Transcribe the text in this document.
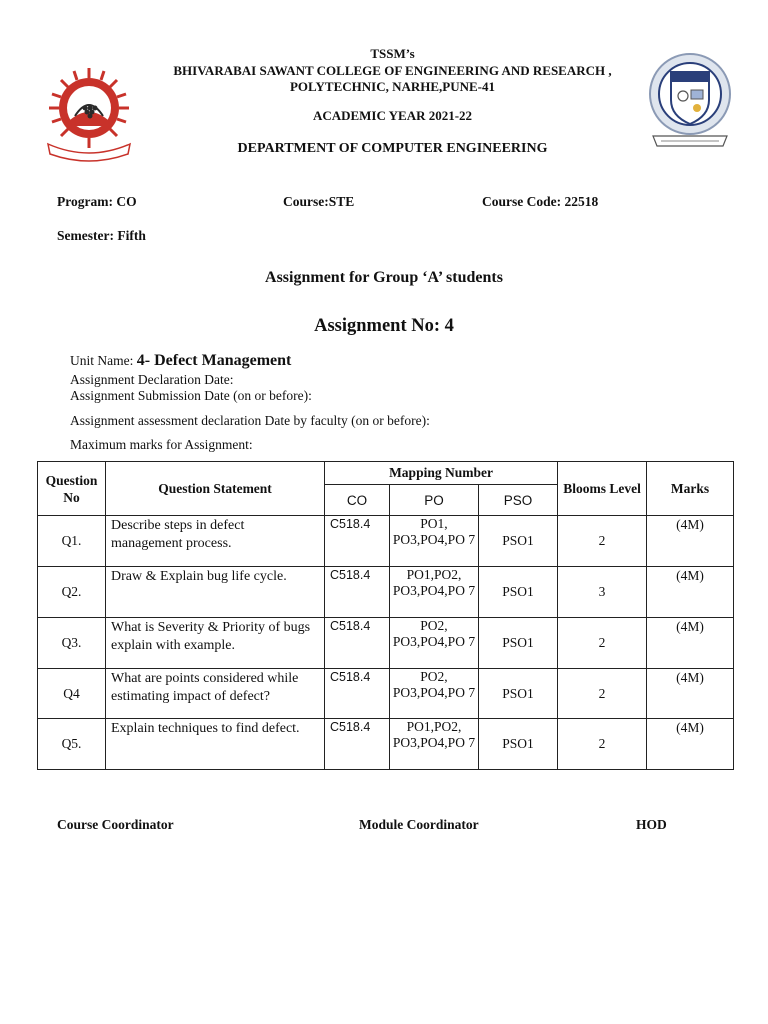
TSSM’s
BHIVARABAI SAWANT COLLEGE OF ENGINEERING AND RESEARCH ,
POLYTECHNIC, NARHE,PUNE-41
ACADEMIC YEAR 2021-22
DEPARTMENT OF COMPUTER ENGINEERING
Program: CO	Course:STE	Course Code: 22518
Semester: Fifth
Assignment for Group ‘A’ students
Assignment No: 4
Unit Name: 4- Defect Management
Assignment Declaration Date:
Assignment Submission Date (on or before):
Assignment assessment declaration Date by faculty (on or before):
Maximum marks for Assignment:
Question No	Question Statement	Mapping Number			Blooms Level	Marks
		CO	PO	PSO		
Q1.	Describe steps in defect management process.	C518.4	PO1, PO3,PO4,PO 7	PSO1	2	(4M)
Q2.	Draw & Explain bug life cycle.	C518.4	PO1,PO2, PO3,PO4,PO 7	PSO1	3	(4M)
Q3.	What is Severity & Priority of bugs explain with example.	C518.4	PO2, PO3,PO4,PO 7	PSO1	2	(4M)
Q4	What are points considered while estimating impact of defect?	C518.4	PO2, PO3,PO4,PO 7	PSO1	2	(4M)
Q5.	Explain techniques to find defect.	C518.4	PO1,PO2, PO3,PO4,PO 7	PSO1	2	(4M)
Course Coordinator	Module Coordinator	HOD
